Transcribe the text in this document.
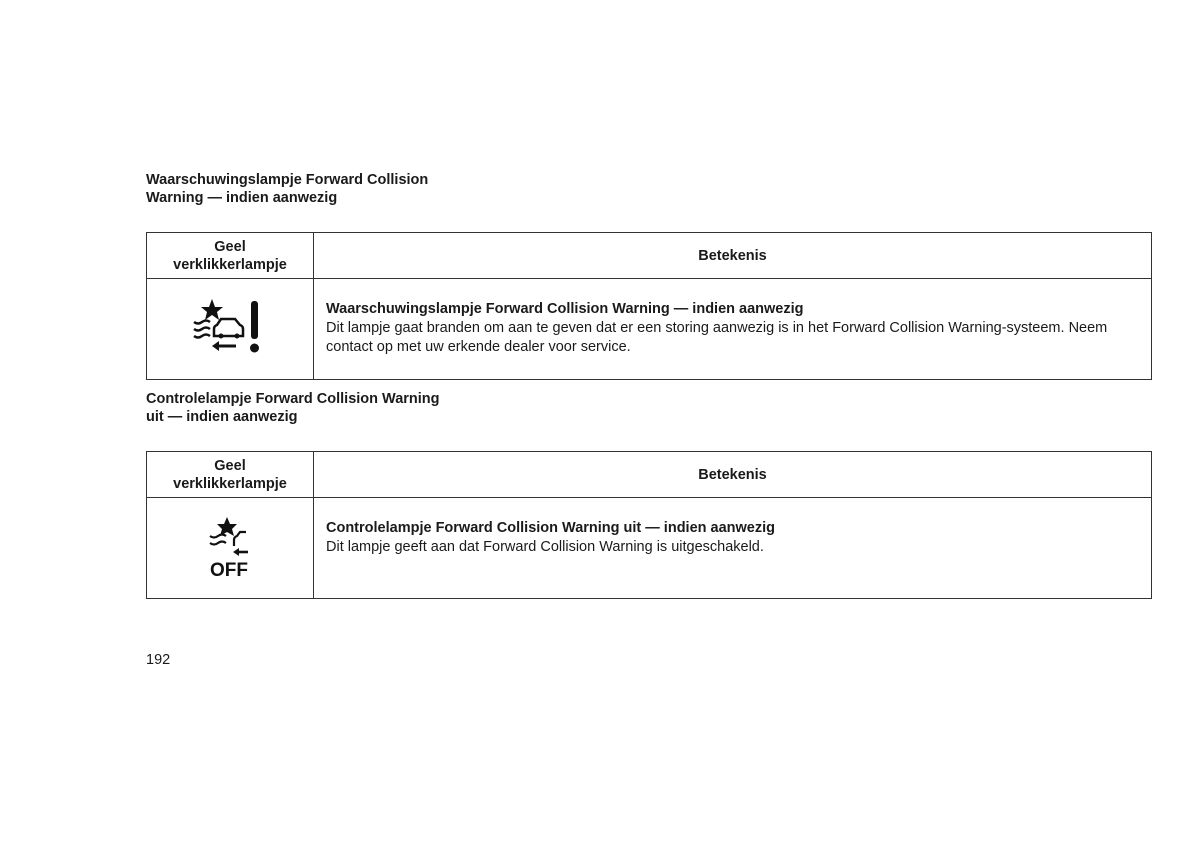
Waarschuwingslampje Forward Collision
Warning — indien aanwezig
Geel
verklikkerlampje	Betekenis

Waarschuwingslampje Forward Collision Warning — indien aanwezig
Dit lampje gaat branden om aan te geven dat er een storing aanwezig is in het Forward Collision Warning-systeem. Neem contact op met uw erkende dealer voor service.
Controlelampje Forward Collision Warning
uit — indien aanwezig
Geel
verklikkerlampje	Betekenis

OFF	Controlelampje Forward Collision Warning uit — indien aanwezig
Dit lampje geeft aan dat Forward Collision Warning is uitgeschakeld.
192
